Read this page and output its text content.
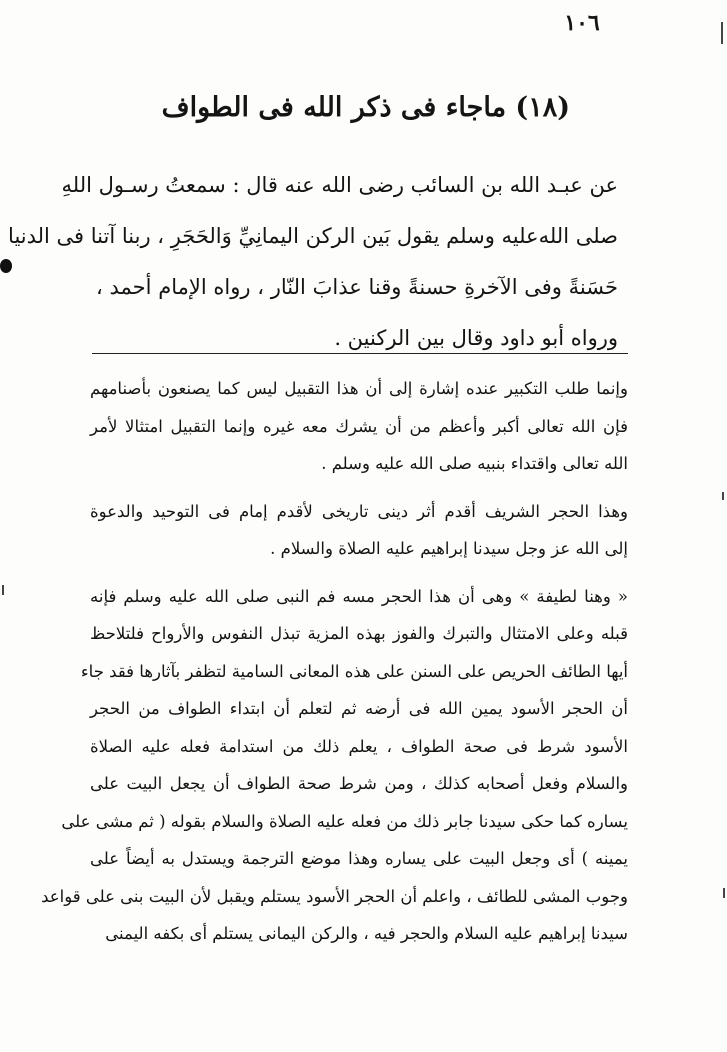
١٠٦
(١٨) ماجاء فى ذكر الله فى الطواف
عن عبـد الله بن السائب رضى الله عنه قال : سمعتُ رسـول اللهِ
صلى الله‌عليه وسلم يقول بَين الركن اليمانِيِّ وَالحَجَرِ ، ربنا آتنا فى الدنيا
حَسَنةً وفى الآخرةِ حسنةً وقنا عذابَ النّار ، رواه الإمام أحمد ،
ورواه أبو داود وقال بين الركنين .
وإنما طلب التكبير عنده إشارة إلى أن هذا التقبيل ليس كما يصنعون بأصنامهم
فإن الله تعالى أكبر وأعظم من أن يشرك معه غيره وإنما التقبيل امتثالا لأمر
الله تعالى واقتداء بنبيه صلى الله عليه وسلم .
وهذا الحجر الشريف أقدم أثر دينى تاريخى لأقدم إمام فى التوحيد والدعوة
إلى الله عز وجل سيدنا إبراهيم عليه الصلاة والسلام .
« وهنا لطيفة » وهى أن هذا الحجر مسه فم النبى صلى الله عليه وسلم فإنه
قبله وعلى الامتثال والتبرك والفوز بهذه المزية تبذل النفوس والأرواح فلتلاحظ
أيها الطائف الحريص على السنن على هذه المعانى السامية لتظفر بآثارها فقد جاء
أن الحجر الأسود يمين الله فى أرضه ثم لتعلم أن ابتداء الطواف من الحجر
الأسود شرط فى صحة الطواف ، يعلم ذلك من استدامة فعله عليه الصلاة
والسلام وفعل أصحابه كذلك ، ومن شرط صحة الطواف أن يجعل البيت على
يساره كما حكى سيدنا جابر ذلك من فعله عليه الصلاة والسلام بقوله ( ثم مشى على
يمينه ) أى وجعل البيت على يساره وهذا موضع الترجمة ويستدل به أيضاً على
وجوب المشى للطائف ، واعلم أن الحجر الأسود يستلم ويقبل لأن البيت بنى على قواعد
سيدنا إبراهيم عليه السلام والحجر فيه ، والركن اليمانى يستلم أى بكفه اليمنى
